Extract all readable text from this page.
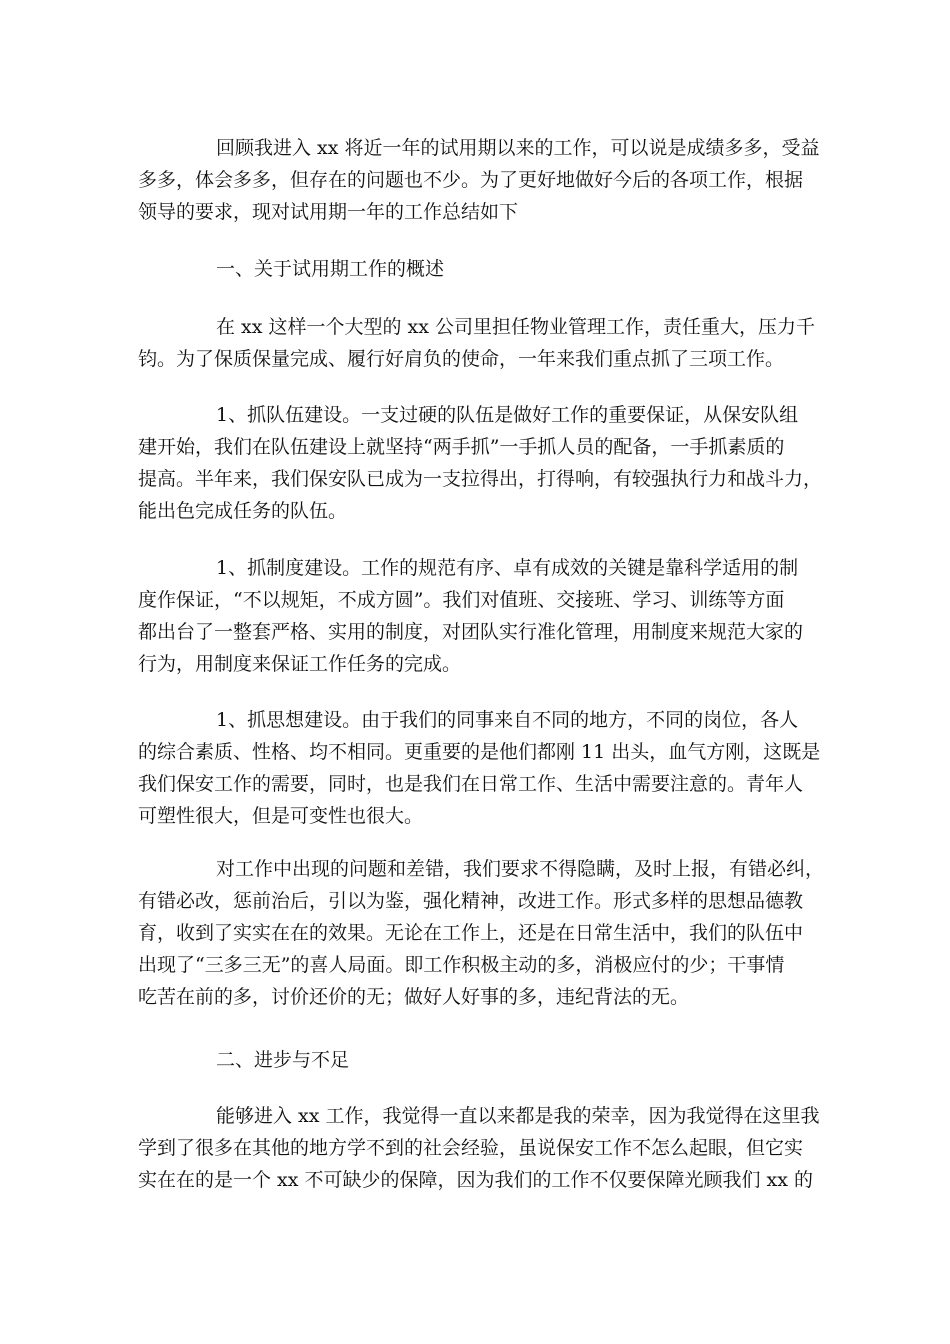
回顾我进入 xx 将近一年的试用期以来的工作，可以说是成绩多多，受益
多多，体会多多，但存在的问题也不少。为了更好地做好今后的各项工作，根据
领导的要求，现对试用期一年的工作总结如下
一、关于试用期工作的概述
在 xx 这样一个大型的 xx 公司里担任物业管理工作，责任重大，压力千
钧。为了保质保量完成、履行好肩负的使命，一年来我们重点抓了三项工作。
1、抓队伍建设。一支过硬的队伍是做好工作的重要保证，从保安队组
建开始，我们在队伍建设上就坚持“两手抓”一手抓人员的配备，一手抓素质的
提高。半年来，我们保安队已成为一支拉得出，打得响，有较强执行力和战斗力，
能出色完成任务的队伍。
1、抓制度建设。工作的规范有序、卓有成效的关键是靠科学适用的制
度作保证，“不以规矩，不成方圆”。我们对值班、交接班、学习、训练等方面
都出台了一整套严格、实用的制度，对团队实行准化管理，用制度来规范大家的
行为，用制度来保证工作任务的完成。
1、抓思想建设。由于我们的同事来自不同的地方，不同的岗位，各人
的综合素质、性格、均不相同。更重要的是他们都刚 11 出头，血气方刚，这既是
我们保安工作的需要，同时，也是我们在日常工作、生活中需要注意的。青年人
可塑性很大，但是可变性也很大。
对工作中出现的问题和差错，我们要求不得隐瞒，及时上报，有错必纠，
有错必改，惩前治后，引以为鉴，强化精神，改进工作。形式多样的思想品德教
育，收到了实实在在的效果。无论在工作上，还是在日常生活中，我们的队伍中
出现了“三多三无”的喜人局面。即工作积极主动的多，消极应付的少；干事情
吃苦在前的多，讨价还价的无；做好人好事的多，违纪背法的无。
二、进步与不足
能够进入 xx 工作，我觉得一直以来都是我的荣幸，因为我觉得在这里我
学到了很多在其他的地方学不到的社会经验，虽说保安工作不怎么起眼，但它实
实在在的是一个 xx 不可缺少的保障，因为我们的工作不仅要保障光顾我们 xx 的
